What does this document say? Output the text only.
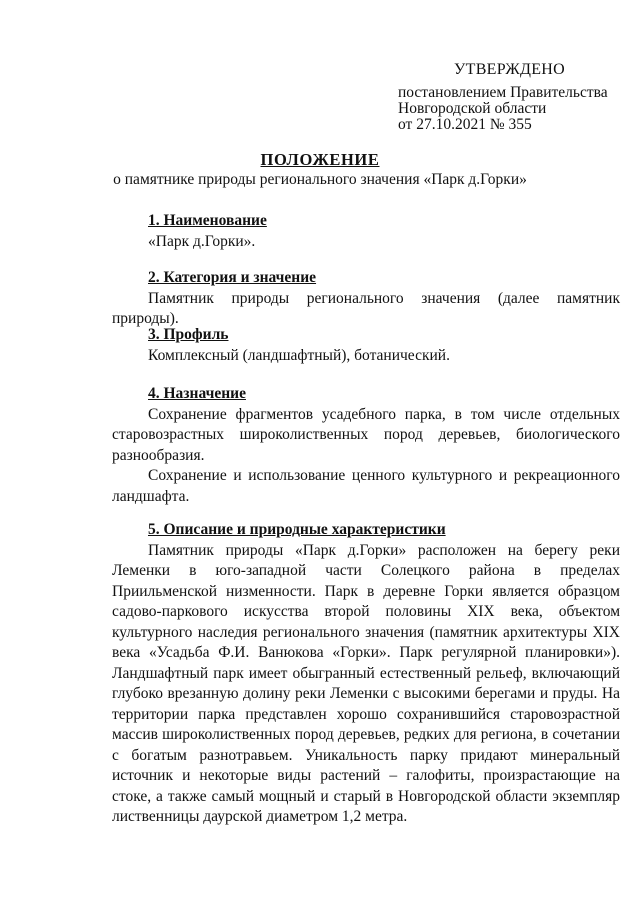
УТВЕРЖДЕНО
постановлением Правительства
Новгородской области
от 27.10.2021 № 355
ПОЛОЖЕНИЕ
о памятнике природы регионального значения «Парк д.Горки»
1. Наименование

«Парк д.Горки».

2. Категория и значение

Памятник природы регионального значения (далее памятник природы).

3. Профиль

Комплексный (ландшафтный), ботанический.

4. Назначение

Сохранение фрагментов усадебного парка, в том числе отдельных старовозрастных широколиственных пород деревьев, биологического разнообразия.

Сохранение и использование ценного культурного и рекреационного ландшафта.

5. Описание и природные характеристики

Памятник природы «Парк д.Горки» расположен на берегу реки Леменки в юго-западной части Солецкого района в пределах Приильменской низменности. Парк в деревне Горки является образцом садово-паркового искусства второй половины XIX века, объектом культурного наследия регионального значения (памятник архитектуры XIX века «Усадьба Ф.И. Ванюкова «Горки». Парк регулярной планировки»). Ландшафтный парк имеет обыгранный естественный рельеф, включающий глубоко врезанную долину реки Леменки с высокими берегами и пруды. На территории парка представлен хорошо сохранившийся старовозрастной массив широколиственных пород деревьев, редких для региона, в сочетании с богатым разнотравьем. Уникальность парку придают минеральный источник и некоторые виды растений – галофиты, произрастающие на стоке, а также самый мощный и старый в Новгородской области экземпляр лиственницы даурской диаметром 1,2 метра.
